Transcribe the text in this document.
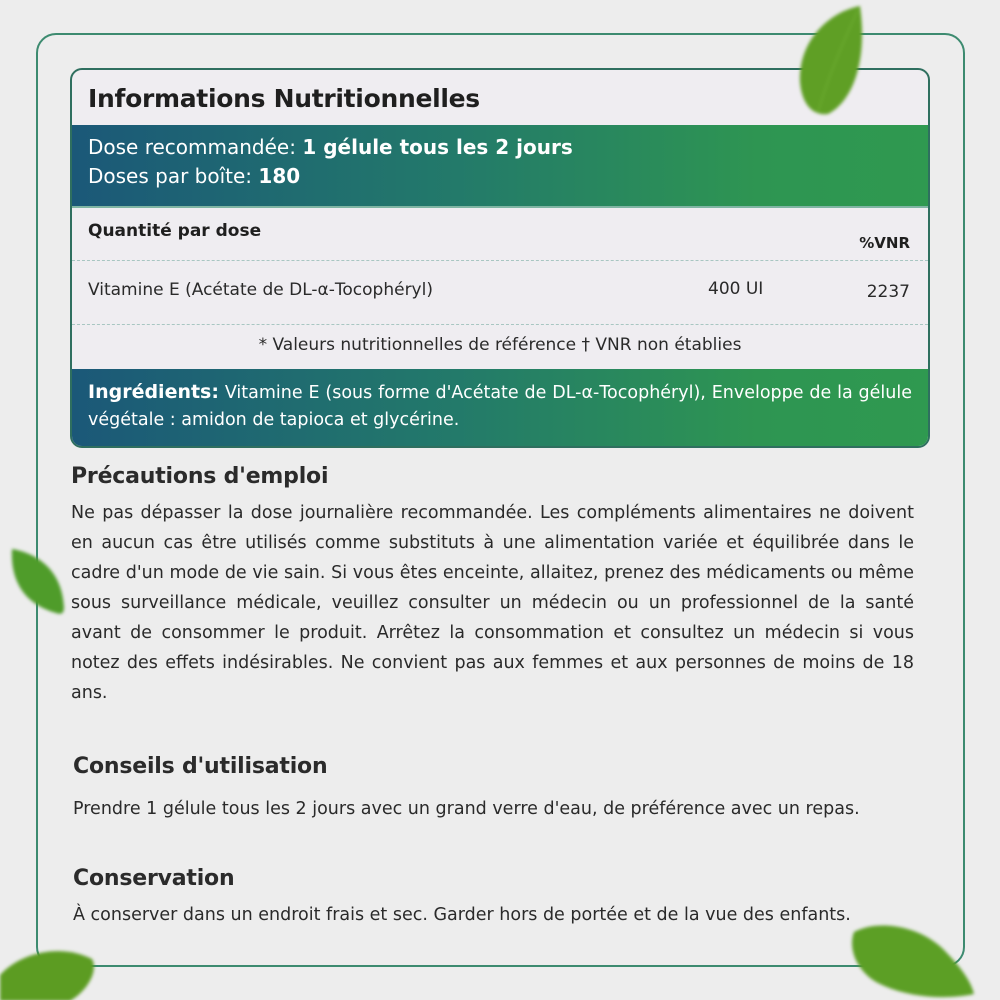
Informations Nutritionnelles
Dose recommandée: 1 gélule tous les 2 jours
Doses par boîte: 180
Quantité par dose
%VNR
Vitamine E (Acétate de DL-α-Tocophéryl)	400 UI	2237
* Valeurs nutritionnelles de référence † VNR non établies
Ingrédients: Vitamine E (sous forme d'Acétate de DL-α-Tocophéryl), Enveloppe de la gélule végétale : amidon de tapioca et glycérine.
Précautions d'emploi

Ne pas dépasser la dose journalière recommandée. Les compléments alimentaires ne doivent en aucun cas être utilisés comme substituts à une alimentation variée et équilibrée dans le cadre d'un mode de vie sain. Si vous êtes enceinte, allaitez, prenez des médicaments ou même sous surveillance médicale, veuillez consulter un médecin ou un professionnel de la santé avant de consommer le produit. Arrêtez la consommation et consultez un médecin si vous notez des effets indésirables. Ne convient pas aux femmes et aux personnes de moins de 18 ans.

Conseils d'utilisation

Prendre 1 gélule tous les 2 jours avec un grand verre d'eau, de préférence avec un repas.

Conservation

À conserver dans un endroit frais et sec. Garder hors de portée et de la vue des enfants.
